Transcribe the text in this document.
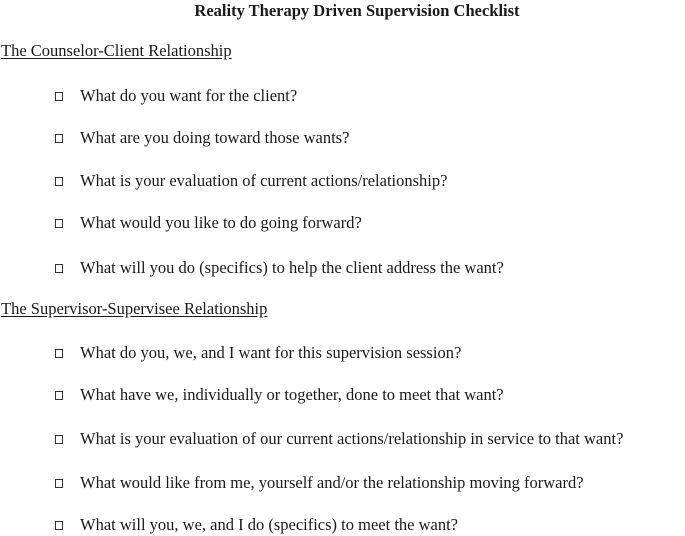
Reality Therapy Driven Supervision Checklist
The Counselor-Client Relationship
What do you want for the client?
What are you doing toward those wants?
What is your evaluation of current actions/relationship?
What would you like to do going forward?
What will you do (specifics) to help the client address the want?
The Supervisor-Supervisee Relationship
What do you, we, and I want for this supervision session?
What have we, individually or together, done to meet that want?
What is your evaluation of our current actions/relationship in service to that want?
What would like from me, yourself and/or the relationship moving forward?
What will you, we, and I do (specifics) to meet the want?
